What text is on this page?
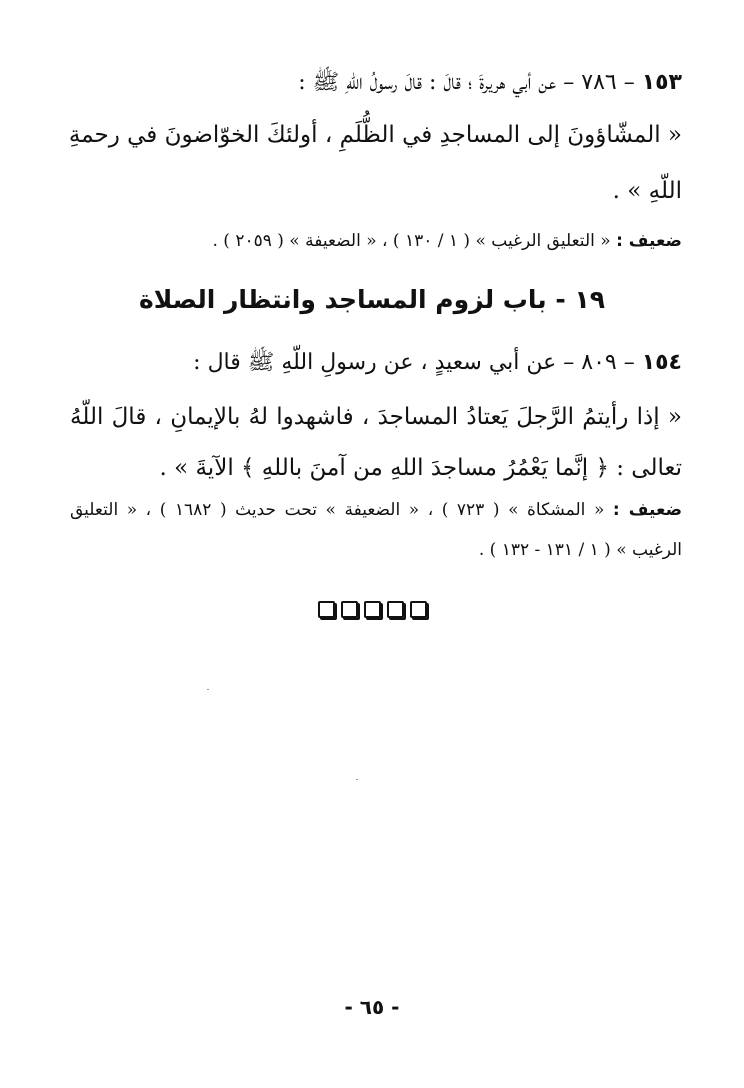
١٥٣ – ٧٨٦ – عن أبي هريرةَ ؛ قالَ : قالَ رسولُ اللّهِ ﷺ :
« المشّاؤونَ إلى المساجدِ في الظُّلَمِ ، أولئكَ الخوّاضونَ في رحمةِ
اللّهِ » .
ضعيف : « التعليق الرغيب » ( ١ / ١٣٠ ) ، « الضعيفة » ( ٢٠٥٩ ) .
١٩ - باب لزوم المساجد وانتظار الصلاة
١٥٤ – ٨٠٩ – عن أبي سعيدٍ ، عن رسولِ اللّهِ ﷺ قال :
« إذا رأيتمُ الرَّجلَ يَعتادُ المساجدَ ، فاشهدوا لهُ بالإيمانِ ، قالَ اللّهُ
تعالى : ﴿ إنَّما يَعْمُرُ مساجدَ اللهِ من آمنَ باللهِ ﴾ الآيةَ » .
ضعيف : « المشكاة » ( ٧٢٣ ) ، « الضعيفة » تحت حديث ( ١٦٨٢ ) ، « التعليق
الرغيب » ( ١ / ١٣١ - ١٣٢ ) .
- ٦٥ -
